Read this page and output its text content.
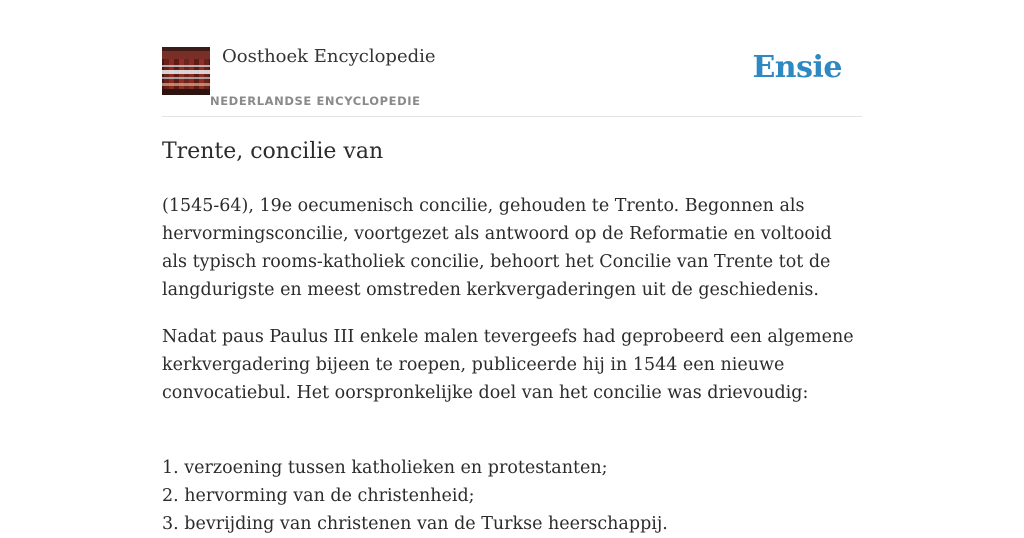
Oosthoek Encyclopedie
NEDERLANDSE ENCYCLOPEDIE
Ensie
Trente, concilie van

(1545-64), 19e oecumenisch concilie, gehouden te Trento. Begonnen als hervormingsconcilie, voortgezet als antwoord op de Reformatie en voltooid als typisch rooms-katholiek concilie, behoort het Concilie van Trente tot de langdurigste en meest omstreden kerkvergaderingen uit de geschiedenis.

Nadat paus Paulus III enkele malen tevergeefs had geprobeerd een algemene kerkvergadering bijeen te roepen, publiceerde hij in 1544 een nieuwe convocatiebul. Het oorspronkelijke doel van het concilie was drievoudig:

1. verzoening tussen katholieken en protestanten;
2. hervorming van de christenheid;
3. bevrijding van christenen van de Turkse heerschappij.
